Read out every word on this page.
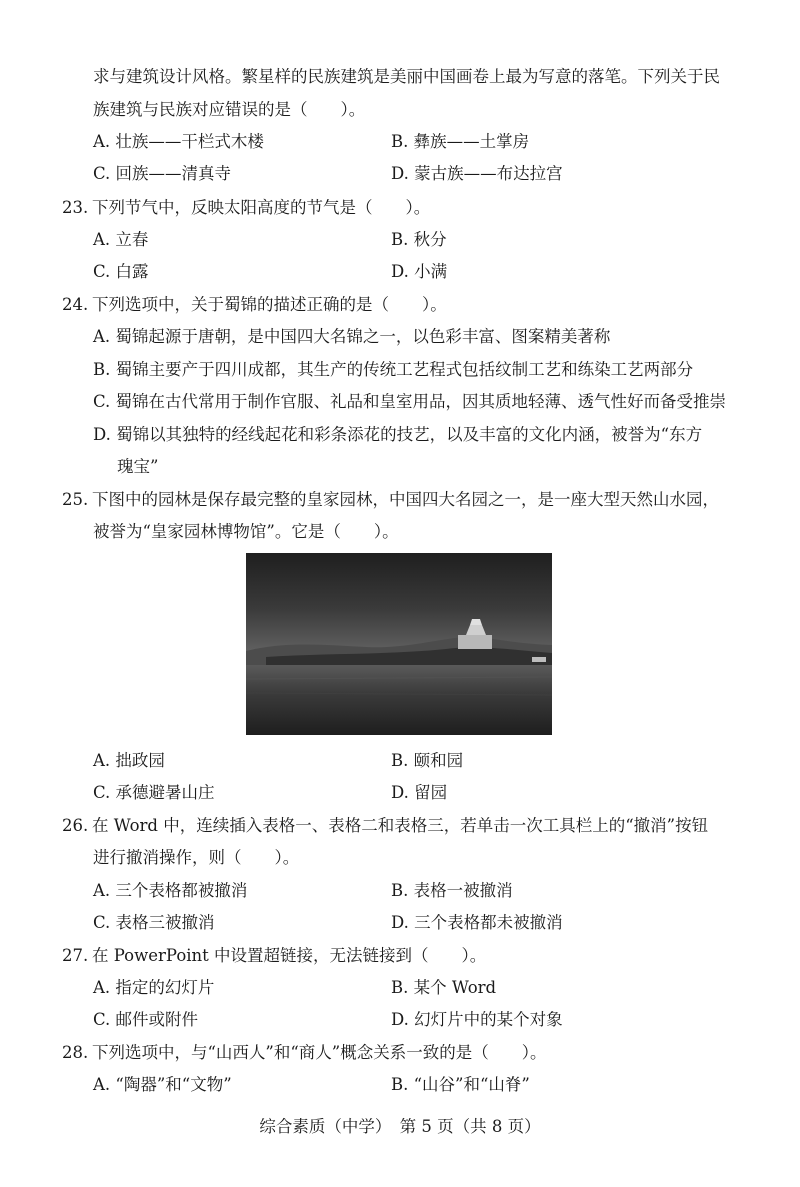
求与建筑设计风格。繁星样的民族建筑是美丽中国画卷上最为写意的落笔。下列关于民
族建筑与民族对应错误的是（　　）。
A. 壮族——干栏式木楼	B. 彝族——土掌房
C. 回族——清真寺	D. 蒙古族——布达拉宫
23. 下列节气中，反映太阳高度的节气是（　　）。
A. 立春	B. 秋分
C. 白露	D. 小满
24. 下列选项中，关于蜀锦的描述正确的是（　　）。
A. 蜀锦起源于唐朝，是中国四大名锦之一，以色彩丰富、图案精美著称
B. 蜀锦主要产于四川成都，其生产的传统工艺程式包括纹制工艺和练染工艺两部分
C. 蜀锦在古代常用于制作官服、礼品和皇室用品，因其质地轻薄、透气性好而备受推崇
D. 蜀锦以其独特的经线起花和彩条添花的技艺，以及丰富的文化内涵，被誉为“东方
瑰宝”
25. 下图中的园林是保存最完整的皇家园林，中国四大名园之一，是一座大型天然山水园，
被誉为“皇家园林博物馆”。它是（　　）。
A. 拙政园	B. 颐和园
C. 承德避暑山庄	D. 留园
26. 在 Word 中，连续插入表格一、表格二和表格三，若单击一次工具栏上的“撤消”按钮
进行撤消操作，则（　　）。
A. 三个表格都被撤消	B. 表格一被撤消
C. 表格三被撤消	D. 三个表格都未被撤消
27. 在 PowerPoint 中设置超链接，无法链接到（　　）。
A. 指定的幻灯片	B. 某个 Word
C. 邮件或附件	D. 幻灯片中的某个对象
28. 下列选项中，与“山西人”和“商人”概念关系一致的是（　　）。
A. “陶器”和“文物”	B. “山谷”和“山脊”
综合素质（中学）　第 5 页（共 8 页）
